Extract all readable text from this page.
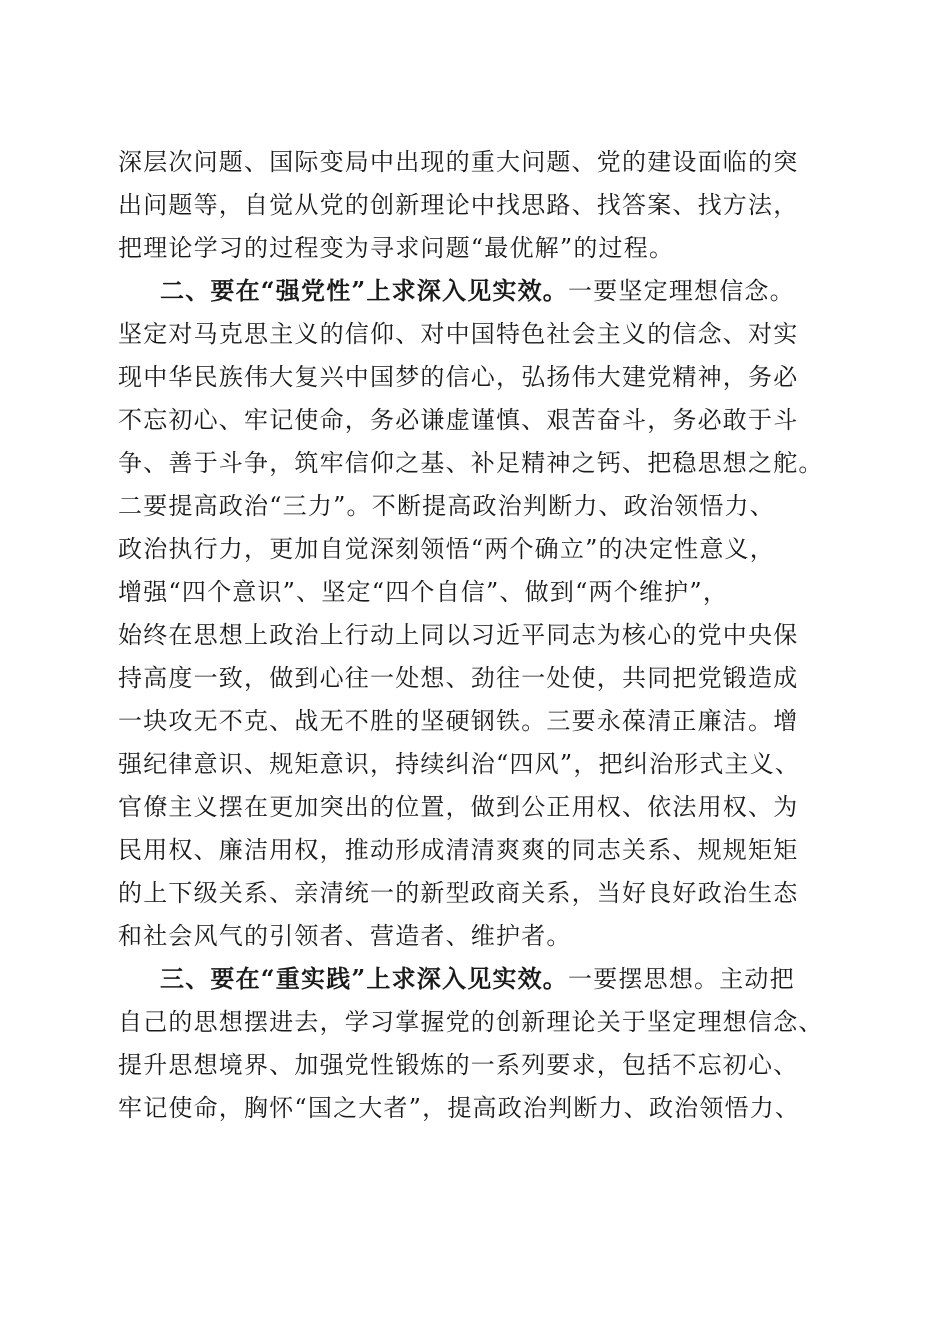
深层次问题、国际变局中出现的重大问题、党的建设面临的突
出问题等，自觉从党的创新理论中找思路、找答案、找方法，
把理论学习的过程变为寻求问题“最优解”的过程。
二、要在“强党性”上求深入见实效。一要坚定理想信念。
坚定对马克思主义的信仰、对中国特色社会主义的信念、对实
现中华民族伟大复兴中国梦的信心，弘扬伟大建党精神，务必
不忘初心、牢记使命，务必谦虚谨慎、艰苦奋斗，务必敢于斗
争、善于斗争，筑牢信仰之基、补足精神之钙、把稳思想之舵。
二要提高政治“三力”。不断提高政治判断力、政治领悟力、
政治执行力，更加自觉深刻领悟“两个确立”的决定性意义，
增强“四个意识”、坚定“四个自信”、做到“两个维护”，
始终在思想上政治上行动上同以习近平同志为核心的党中央保
持高度一致，做到心往一处想、劲往一处使，共同把党锻造成
一块攻无不克、战无不胜的坚硬钢铁。三要永葆清正廉洁。增
强纪律意识、规矩意识，持续纠治“四风”，把纠治形式主义、
官僚主义摆在更加突出的位置，做到公正用权、依法用权、为
民用权、廉洁用权，推动形成清清爽爽的同志关系、规规矩矩
的上下级关系、亲清统一的新型政商关系，当好良好政治生态
和社会风气的引领者、营造者、维护者。
三、要在“重实践”上求深入见实效。一要摆思想。主动把
自己的思想摆进去，学习掌握党的创新理论关于坚定理想信念、
提升思想境界、加强党性锻炼的一系列要求，包括不忘初心、
牢记使命，胸怀“国之大者”，提高政治判断力、政治领悟力、
